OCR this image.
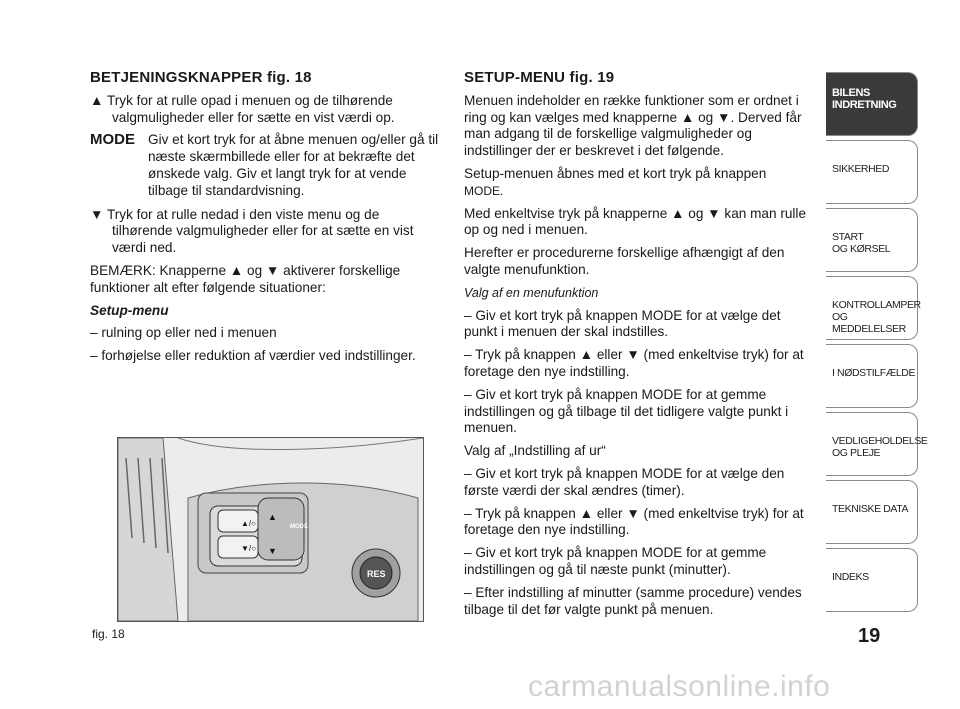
BETJENINGSKNAPPER fig. 18

▲ Tryk for at rulle opad i menuen og de tilhørende valgmuligheder eller for sætte en vist værdi op.

MODE Giv et kort tryk for at åbne menuen og/eller gå til næste skærmbillede eller for at bekræfte det ønskede valg. Giv et langt tryk for at vende tilbage til standardvisning.

▼ Tryk for at rulle nedad i den viste menu og de tilhørende valgmuligheder eller for at sætte en vist værdi ned.

BEMÆRK: Knapperne ▲ og ▼ aktiverer forskellige funktioner alt efter følgende situationer:

Setup-menu

– rulning op eller ned i menuen

– forhøjelse eller reduktion af værdier ved indstillinger.

SETUP-MENU fig. 19

Menuen indeholder en række funktioner som er ordnet i ring og kan vælges med knapperne ▲ og ▼. Derved får man adgang til de forskellige valgmuligheder og indstillinger der er beskrevet i det følgende.

Setup-menuen åbnes med et kort tryk på knappen
MODE.

Med enkeltvise tryk på knapperne ▲ og ▼ kan man rulle op og ned i menuen.

Herefter er procedurerne forskellige afhængigt af den valgte menufunktion.

Valg af en menufunktion

– Giv et kort tryk på knappen MODE for at vælge det punkt i menuen der skal indstilles.

– Tryk på knappen ▲ eller ▼ (med enkeltvise tryk) for at foretage den nye indstilling.

– Giv et kort tryk på knappen MODE for at gemme indstillingen og gå tilbage til det tidligere valgte punkt i menuen.

Valg af „Indstilling af ur“

– Giv et kort tryk på knappen MODE for at vælge den første værdi der skal ændres (timer).

– Tryk på knappen ▲ eller ▼ (med enkeltvise tryk) for at foretage den nye indstilling.

– Giv et kort tryk på knappen MODE for at gemme indstillingen og gå til næste punkt (minutter).

– Efter indstilling af minutter (samme procedure) vendes tilbage til det før valgte punkt på menuen.

▲
▼
▲/○
▼/○
MODE
RES
fig. 18
BILENS
INDRETNING
SIKKERHED

START
OG KØRSEL
KONTROLLAMPER
OG MEDDELELSER
I NØDSTILFÆLDE

VEDLIGEHOLDELSE
OG PLEJE
TEKNISKE DATA

INDEKS

19
carmanualsonline.info
